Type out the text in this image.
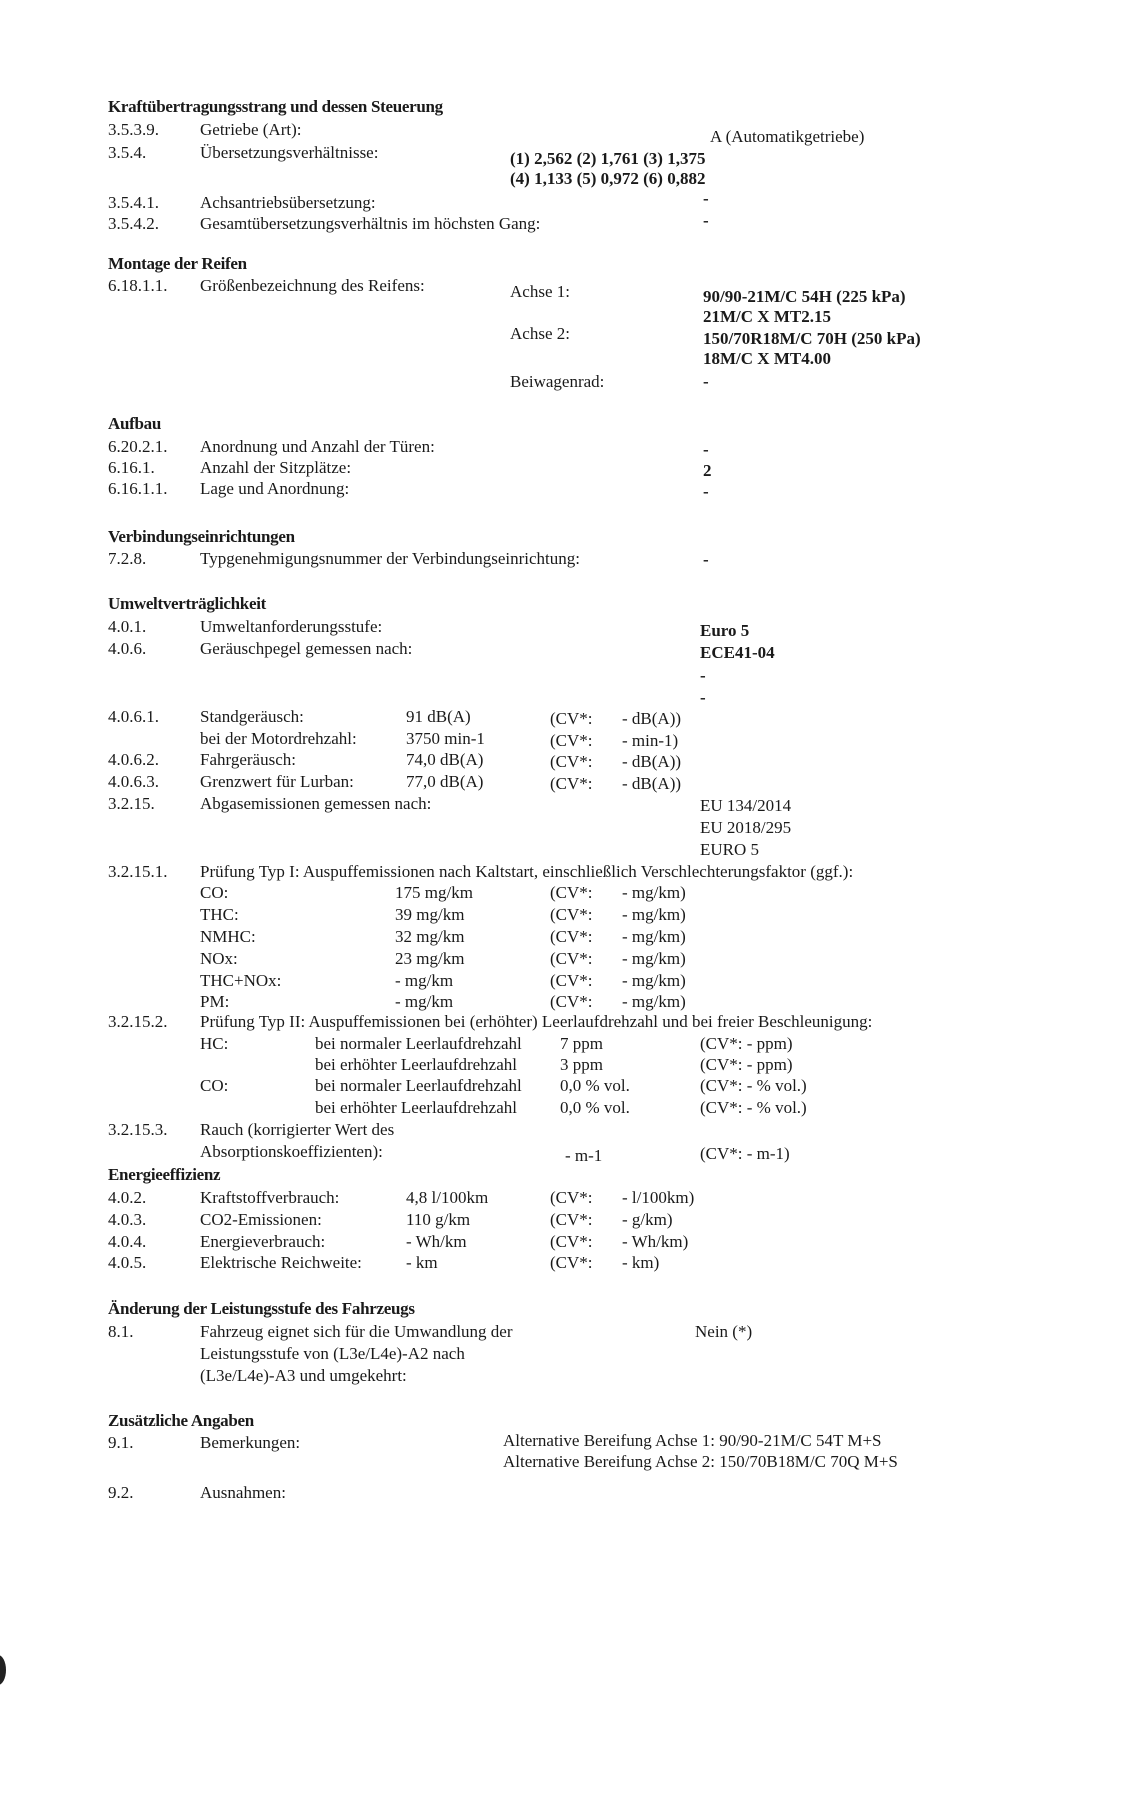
Kraftübertragungsstrang und dessen Steuerung
3.5.3.9. Getriebe (Art):	A (Automatikgetriebe)
3.5.4.	Übersetzungsverhältnisse:	(1) 2,562 (2) 1,761 (3) 1,375
(4) 1,133 (5) 0,972 (6) 0,882
3.5.4.1. Achsantriebsübersetzung:	-
3.5.4.2. Gesamtübersetzungsverhältnis im höchsten Gang:	-
Montage der Reifen
6.18.1.1. Größenbezeichnung des Reifens:	Achse 1:	90/90-21M/C 54H (225 kPa)
21M/C X MT2.15
Achse 2:	150/70R18M/C 70H (250 kPa)
18M/C X MT4.00
Beiwagenrad:	-
Aufbau
6.20.2.1. Anordnung und Anzahl der Türen:	-
6.16.1.	Anzahl der Sitzplätze:	2
6.16.1.1. Lage und Anordnung:	-
Verbindungseinrichtungen
7.2.8.	Typgenehmigungsnummer der Verbindungseinrichtung:	-
Umweltverträglichkeit
4.0.1.	Umweltanforderungsstufe:	Euro 5
4.0.6.	Geräuschpegel gemessen nach:	ECE41-04
-
-
4.0.6.1. Standgeräusch:	91 dB(A)	(CV*: - dB(A))
bei der Motordrehzahl:	3750 min-1	(CV*: - min-1)
4.0.6.2. Fahrgeräusch:	74,0 dB(A)	(CV*: - dB(A))
4.0.6.3. Grenzwert für Lurban:	77,0 dB(A)	(CV*: - dB(A))
3.2.15.	Abgasemissionen gemessen nach:	EU 134/2014
EU 2018/295
EURO 5
3.2.15.1. Prüfung Typ I: Auspuffemissionen nach Kaltstart, einschließlich Verschlechterungsfaktor (ggf.):
CO:	175 mg/km	(CV*: - mg/km)
THC:	39 mg/km	(CV*: - mg/km)
NMHC:	32 mg/km	(CV*: - mg/km)
NOx:	23 mg/km	(CV*: - mg/km)
THC+NOx:	- mg/km	(CV*: - mg/km)
PM:	- mg/km	(CV*: - mg/km)
3.2.15.2. Prüfung Typ II: Auspuffemissionen bei (erhöhter) Leerlaufdrehzahl und bei freier Beschleunigung:
HC:	bei normaler Leerlaufdrehzahl 7 ppm	(CV*: - ppm)
bei erhöhter Leerlaufdrehzahl	3 ppm	(CV*: - ppm)
CO:	bei normaler Leerlaufdrehzahl 0,0 % vol.	(CV*: - % vol.)
bei erhöhter Leerlaufdrehzahl	0,0 % vol.	(CV*: - % vol.)
3.2.15.3. Rauch (korrigierter Wert des
Absorptionskoeffizienten):	- m-1	(CV*: - m-1)
Energieeffizienz
4.0.2.	Kraftstoffverbrauch:	4,8 l/100km	(CV*: - l/100km)
4.0.3.	CO2-Emissionen:	110 g/km	(CV*: - g/km)
4.0.4.	Energieverbrauch:	- Wh/km	(CV*: - Wh/km)
4.0.5.	Elektrische Reichweite:	- km	(CV*: - km)
Änderung der Leistungsstufe des Fahrzeugs
8.1.	Fahrzeug eignet sich für die Umwandlung der
Leistungsstufe von (L3e/L4e)-A2 nach
(L3e/L4e)-A3 und umgekehrt:
Nein (*)
Zusätzliche Angaben
9.1.	Bemerkungen:	Alternative Bereifung Achse 1: 90/90-21M/C 54T M+S
Alternative Bereifung Achse 2: 150/70B18M/C 70Q M+S
9.2.	Ausnahmen:
